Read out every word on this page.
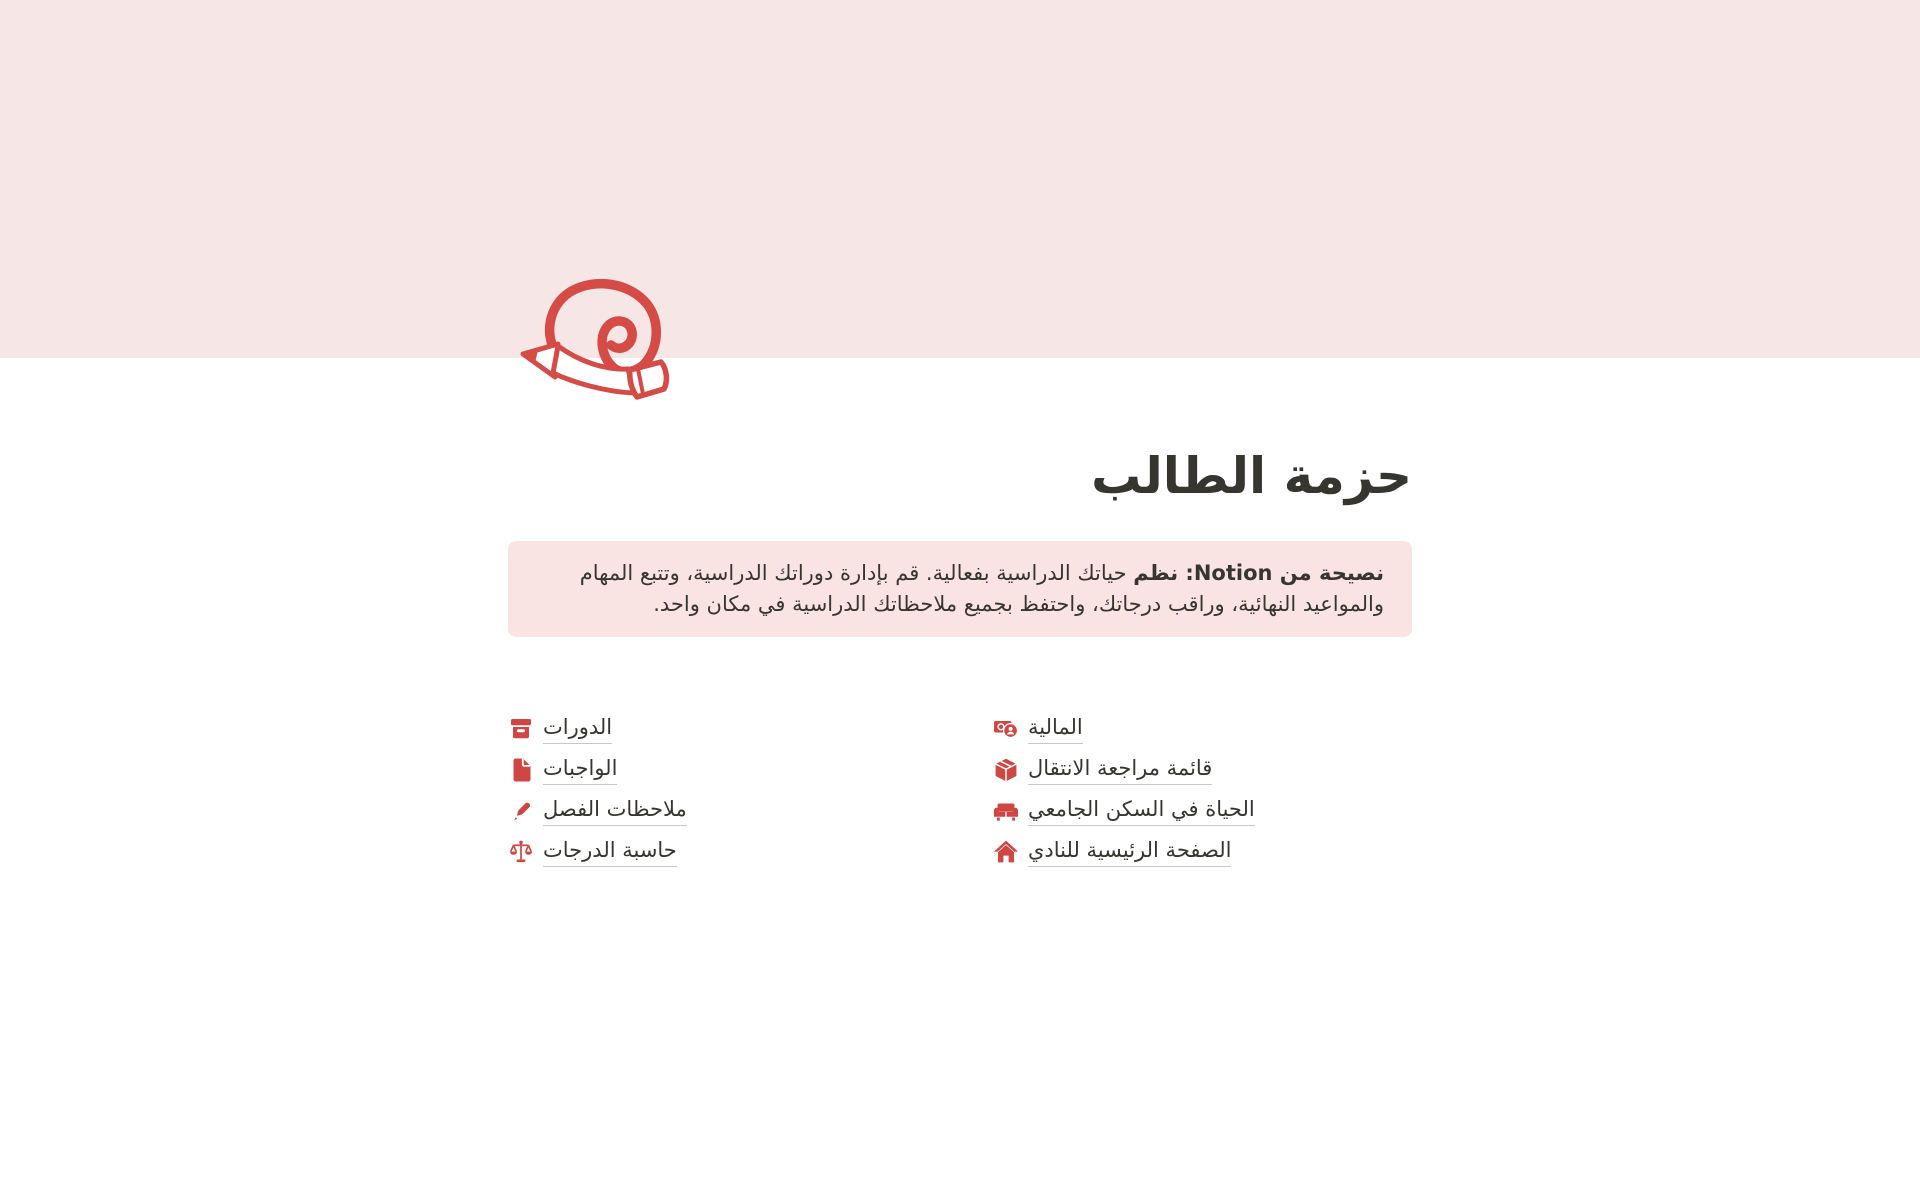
حزمة الطالب
نصيحة من Notion: نظم حياتك الدراسية بفعالية. قم بإدارة دوراتك الدراسية، وتتبع المهام والمواعيد النهائية، وراقب درجاتك، واحتفظ بجميع ملاحظاتك الدراسية في مكان واحد.
الدورات
الواجبات
ملاحظات الفصل
حاسبة الدرجات
المالية
قائمة مراجعة الانتقال
الحياة في السكن الجامعي
الصفحة الرئيسية للنادي
